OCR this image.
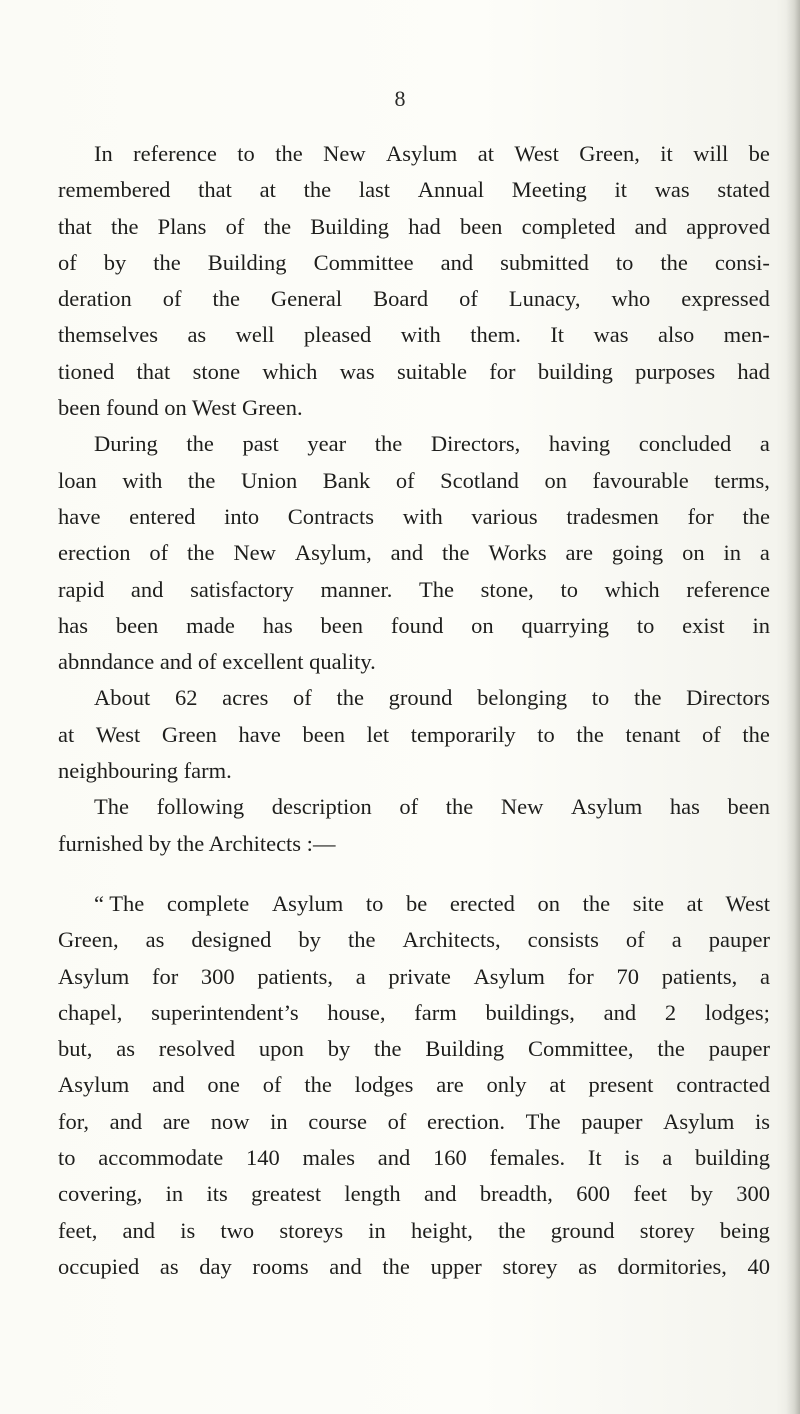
8
In reference to the New Asylum at West Green, it will be
remembered that at the last Annual Meeting it was stated
that the Plans of the Building had been completed and approved
of by the Building Committee and submitted to the consi-
deration of the General Board of Lunacy, who expressed
themselves as well pleased with them. It was also men-
tioned that stone which was suitable for building purposes had
been found on West Green.
During the past year the Directors, having concluded a
loan with the Union Bank of Scotland on favourable terms,
have entered into Contracts with various tradesmen for the
erection of the New Asylum, and the Works are going on in a
rapid and satisfactory manner. The stone, to which reference
has been made has been found on quarrying to exist in
abnndance and of excellent quality.
About 62 acres of the ground belonging to the Directors
at West Green have been let temporarily to the tenant of the
neighbouring farm.
The following description of the New Asylum has been
furnished by the Architects :—
“ The complete Asylum to be erected on the site at West
Green, as designed by the Architects, consists of a pauper
Asylum for 300 patients, a private Asylum for 70 patients, a
chapel, superintendent’s house, farm buildings, and 2 lodges;
but, as resolved upon by the Building Committee, the pauper
Asylum and one of the lodges are only at present contracted
for, and are now in course of erection. The pauper Asylum is
to accommodate 140 males and 160 females. It is a building
covering, in its greatest length and breadth, 600 feet by 300
feet, and is two storeys in height, the ground storey being
occupied as day rooms and the upper storey as dormitories, 40
